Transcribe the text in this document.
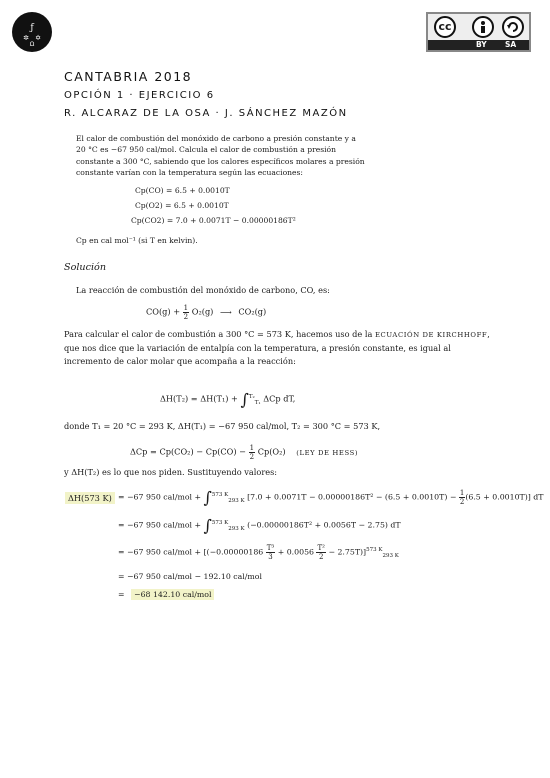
ƒ
✲ ✡
Ω
cc
BY SA
CANTABRIA 2018
OPCIÓN 1 · EJERCICIO 6
R. ALCARAZ DE LA OSA · J. SÁNCHEZ MAZÓN
El calor de combustión del monóxido de carbono a presión constante y a 20 °C es −67 950 cal/mol. Calcula el calor de combustión a presión constante a 300 °C, sabiendo que los calores específicos molares a presión constante varían con la temperatura según las ecuaciones:
Cp(CO) = 6.5 + 0.0010T
Cp(O2) = 6.5 + 0.0010T
Cp(CO2) = 7.0 + 0.0071T − 0.00000186T²
Cp en cal mol⁻¹ (si T en kelvin).
Solución
La reacción de combustión del monóxido de carbono, CO, es:
$CO(g) + \frac{1}{2} O_2(g)$ ⟶ CO₂(g)
Para calcular el calor de combustión a 300 °C = 573 K, hacemos uso de la ECUACIÓN DE KIRCHHOFF, que nos dice que la variación de entalpía con la temperatura, a presión constante, es igual al incremento de calor molar que acompaña a la reacción:
ΔH(T₂) = ΔH(T₁) + ∫$^{T_2}_{T_1}$ ΔCp dT,
donde T₁ = 20 °C = 293 K, ΔH(T₁) = −67 950 cal/mol, T₂ = 300 °C = 573 K,
$\Delta Cp = Cp(CO_2) - Cp(CO) - \frac{1}{2} Cp(O_2)$ (LEY DE HESS)
y ΔH(T₂) es lo que nos piden. Sustituyendo valores:
ΔH(573 K) = −67 950 cal/mol + ∫$^{573 K}_{293 K}$ $[7.0 + 0.0071T - 0.00000186T^2 - (6.5 + 0.0010T) - \frac{1}{2} (6.5 + 0.0010T)]$ dT
= −67 950 cal/mol + ∫$^{573 K}_{293 K}$ (−0.00000186T² + 0.0056T − 2.75) dT
= −67 950 $cal/mol + [(-0.00000186 \frac{\text{T³}}{3} + 0.0056 \frac{\text{T²}}{2} - 2.75T)]^{573 K}_{293 K}$
= −67 950 cal/mol − 192.10 cal/mol
= −68 142.10 cal/mol
